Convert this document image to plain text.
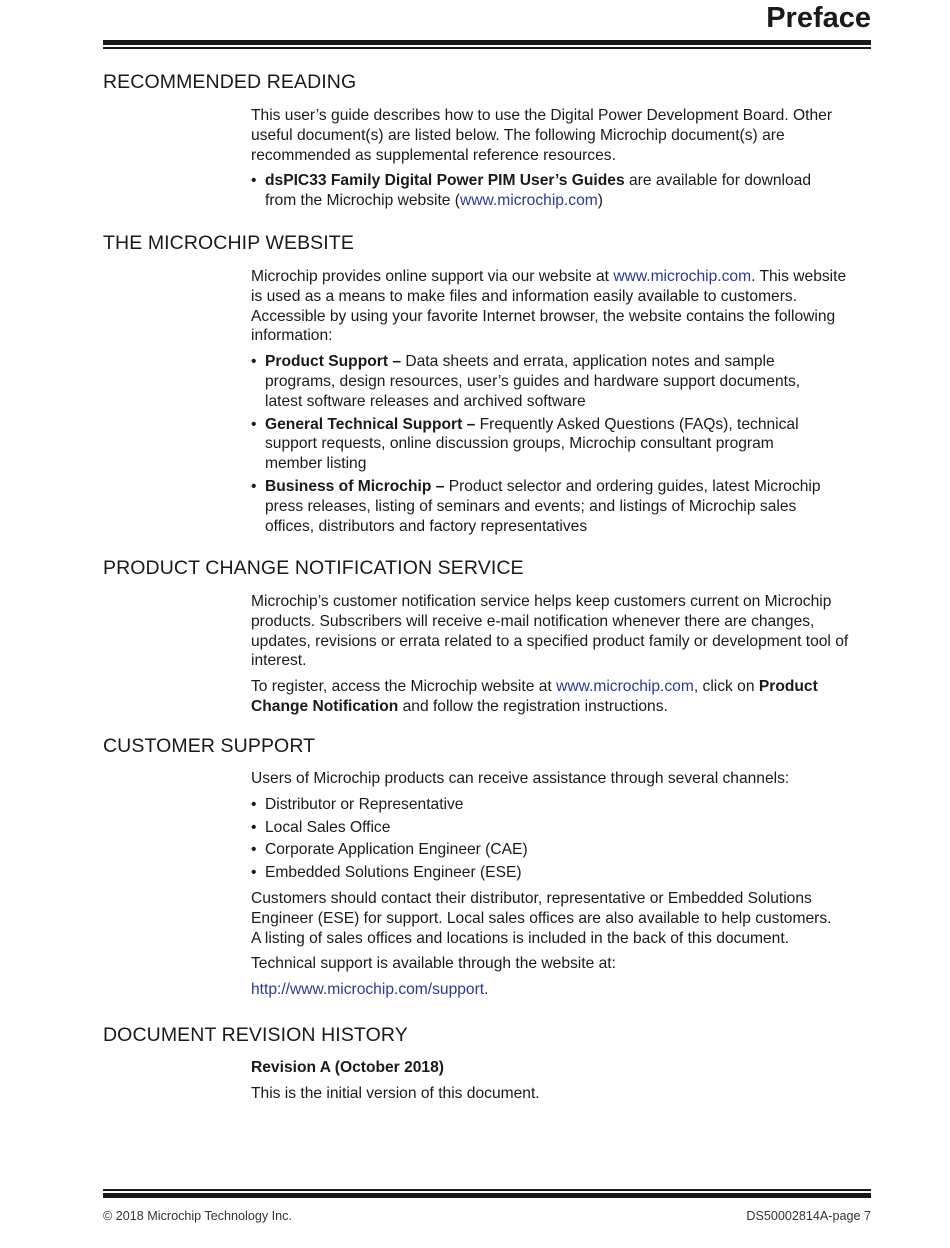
Preface
RECOMMENDED READING

This user’s guide describes how to use the Digital Power Development Board. Other
useful document(s) are listed below. The following Microchip document(s) are
recommended as supplemental reference resources.

• dsPIC33 Family Digital Power PIM User’s Guides are available for download
from the Microchip website (www.microchip.com)

THE MICROCHIP WEBSITE

Microchip provides online support via our website at www.microchip.com. This website
is used as a means to make files and information easily available to customers.
Accessible by using your favorite Internet browser, the website contains the following
information:

• Product Support – Data sheets and errata, application notes and sample
programs, design resources, user’s guides and hardware support documents,
latest software releases and archived software

• General Technical Support – Frequently Asked Questions (FAQs), technical
support requests, online discussion groups, Microchip consultant program
member listing

• Business of Microchip – Product selector and ordering guides, latest Microchip
press releases, listing of seminars and events; and listings of Microchip sales
offices, distributors and factory representatives

PRODUCT CHANGE NOTIFICATION SERVICE

Microchip’s customer notification service helps keep customers current on Microchip
products. Subscribers will receive e-mail notification whenever there are changes,
updates, revisions or errata related to a specified product family or development tool of
interest.

To register, access the Microchip website at www.microchip.com, click on Product
Change Notification and follow the registration instructions.

CUSTOMER SUPPORT

Users of Microchip products can receive assistance through several channels:

• Distributor or Representative

• Local Sales Office

• Corporate Application Engineer (CAE)

• Embedded Solutions Engineer (ESE)

Customers should contact their distributor, representative or Embedded Solutions
Engineer (ESE) for support. Local sales offices are also available to help customers.
A listing of sales offices and locations is included in the back of this document.

Technical support is available through the website at:

http://www.microchip.com/support.

DOCUMENT REVISION HISTORY

Revision A (October 2018)

This is the initial version of this document.

© 2018 Microchip Technology Inc.	DS50002814A-page 7
